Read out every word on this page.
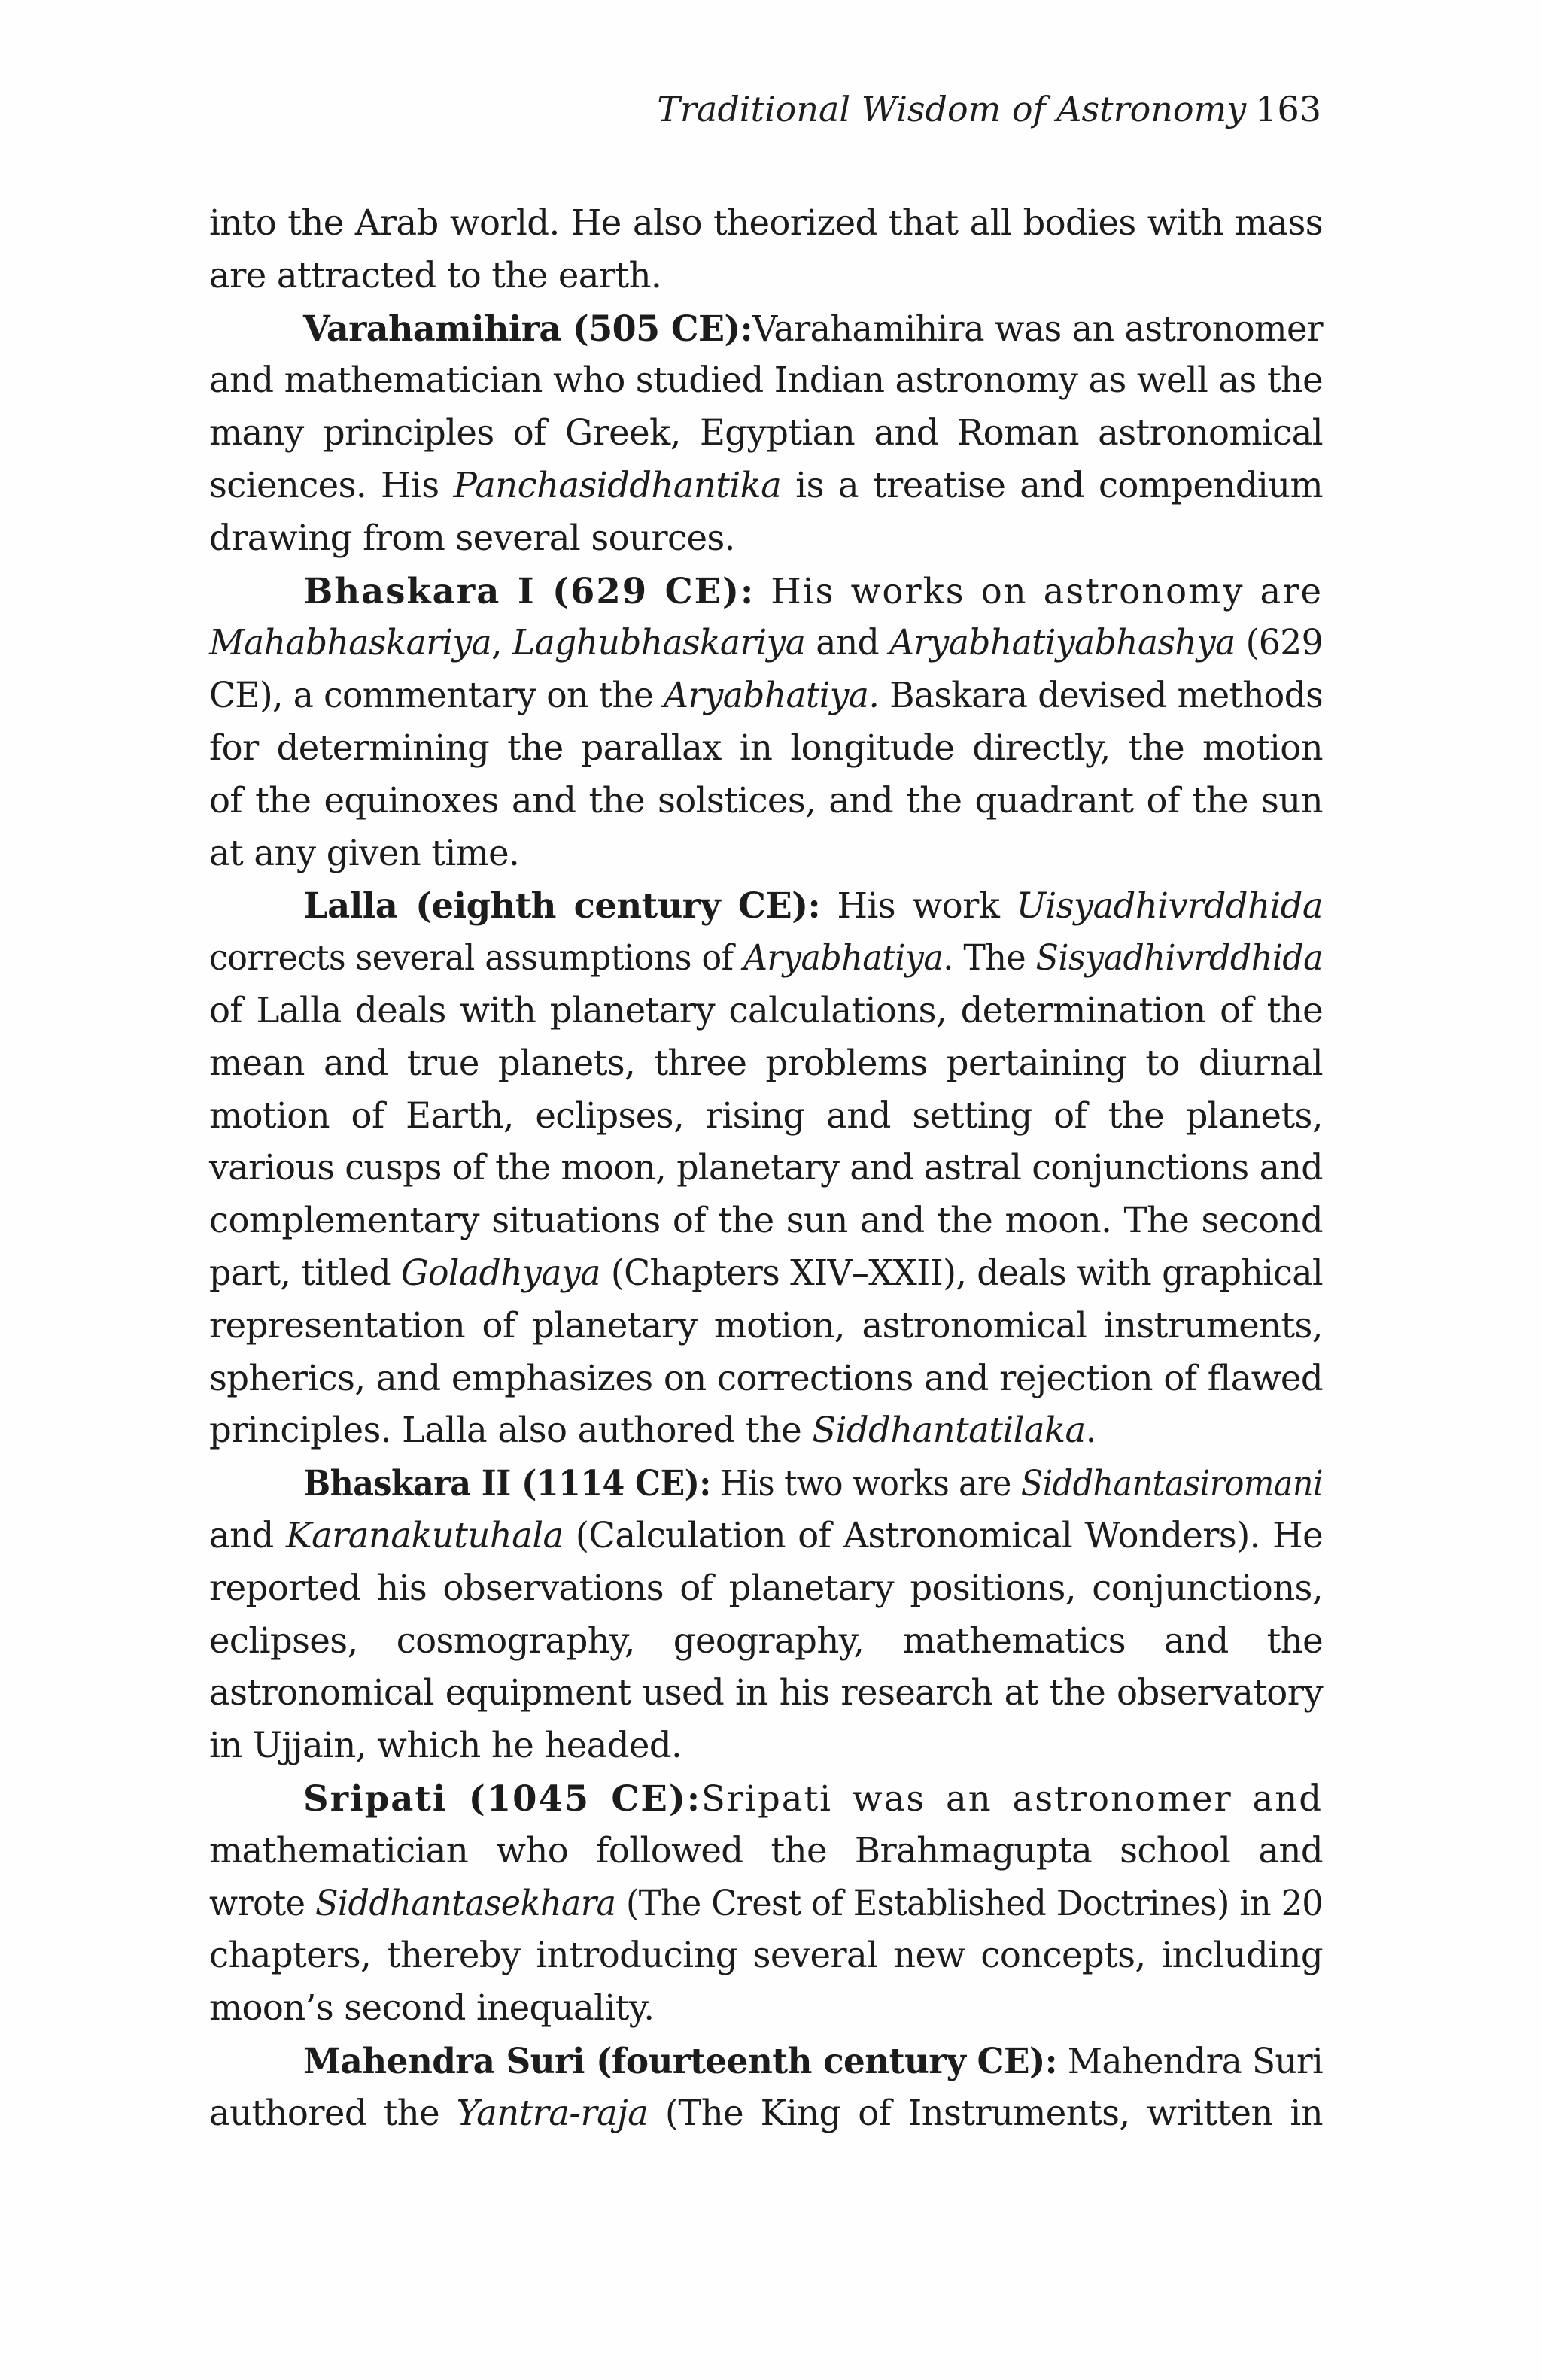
Traditional Wisdom of Astronomy 163
into the Arab world. He also theorized that all bodies with mass
are attracted to the earth.
Varahamihira (505 CE):Varahamihira was an astronomer
and mathematician who studied Indian astronomy as well as the
many principles of Greek, Egyptian and Roman astronomical
sciences. His Panchasiddhantika is a treatise and compendium
drawing from several sources.
Bhaskara I (629 CE): His works on astronomy are
Mahabhaskariya, Laghubhaskariya and Aryabhatiyabhashya (629
CE), a commentary on the Aryabhatiya. Baskara devised methods
for determining the parallax in longitude directly, the motion
of the equinoxes and the solstices, and the quadrant of the sun
at any given time.
Lalla (eighth century CE): His work Uisyadhivrddhida
corrects several assumptions of Aryabhatiya. The Sisyadhivrddhida
of Lalla deals with planetary calculations, determination of the
mean and true planets, three problems pertaining to diurnal
motion of Earth, eclipses, rising and setting of the planets,
various cusps of the moon, planetary and astral conjunctions and
complementary situations of the sun and the moon. The second
part, titled Goladhyaya (Chapters XIV–XXII), deals with graphical
representation of planetary motion, astronomical instruments,
spherics, and emphasizes on corrections and rejection of flawed
principles. Lalla also authored the Siddhantatilaka.
Bhaskara II (1114 CE): His two works are Siddhantasiromani
and Karanakutuhala (Calculation of Astronomical Wonders). He
reported his observations of planetary positions, conjunctions,
eclipses, cosmography, geography, mathematics and the
astronomical equipment used in his research at the observatory
in Ujjain, which he headed.
Sripati (1045 CE):Sripati was an astronomer and
mathematician who followed the Brahmagupta school and
wrote Siddhantasekhara (The Crest of Established Doctrines) in 20
chapters, thereby introducing several new concepts, including
moon’s second inequality.
Mahendra Suri (fourteenth century CE): Mahendra Suri
authored the Yantra-raja (The King of Instruments, written in
